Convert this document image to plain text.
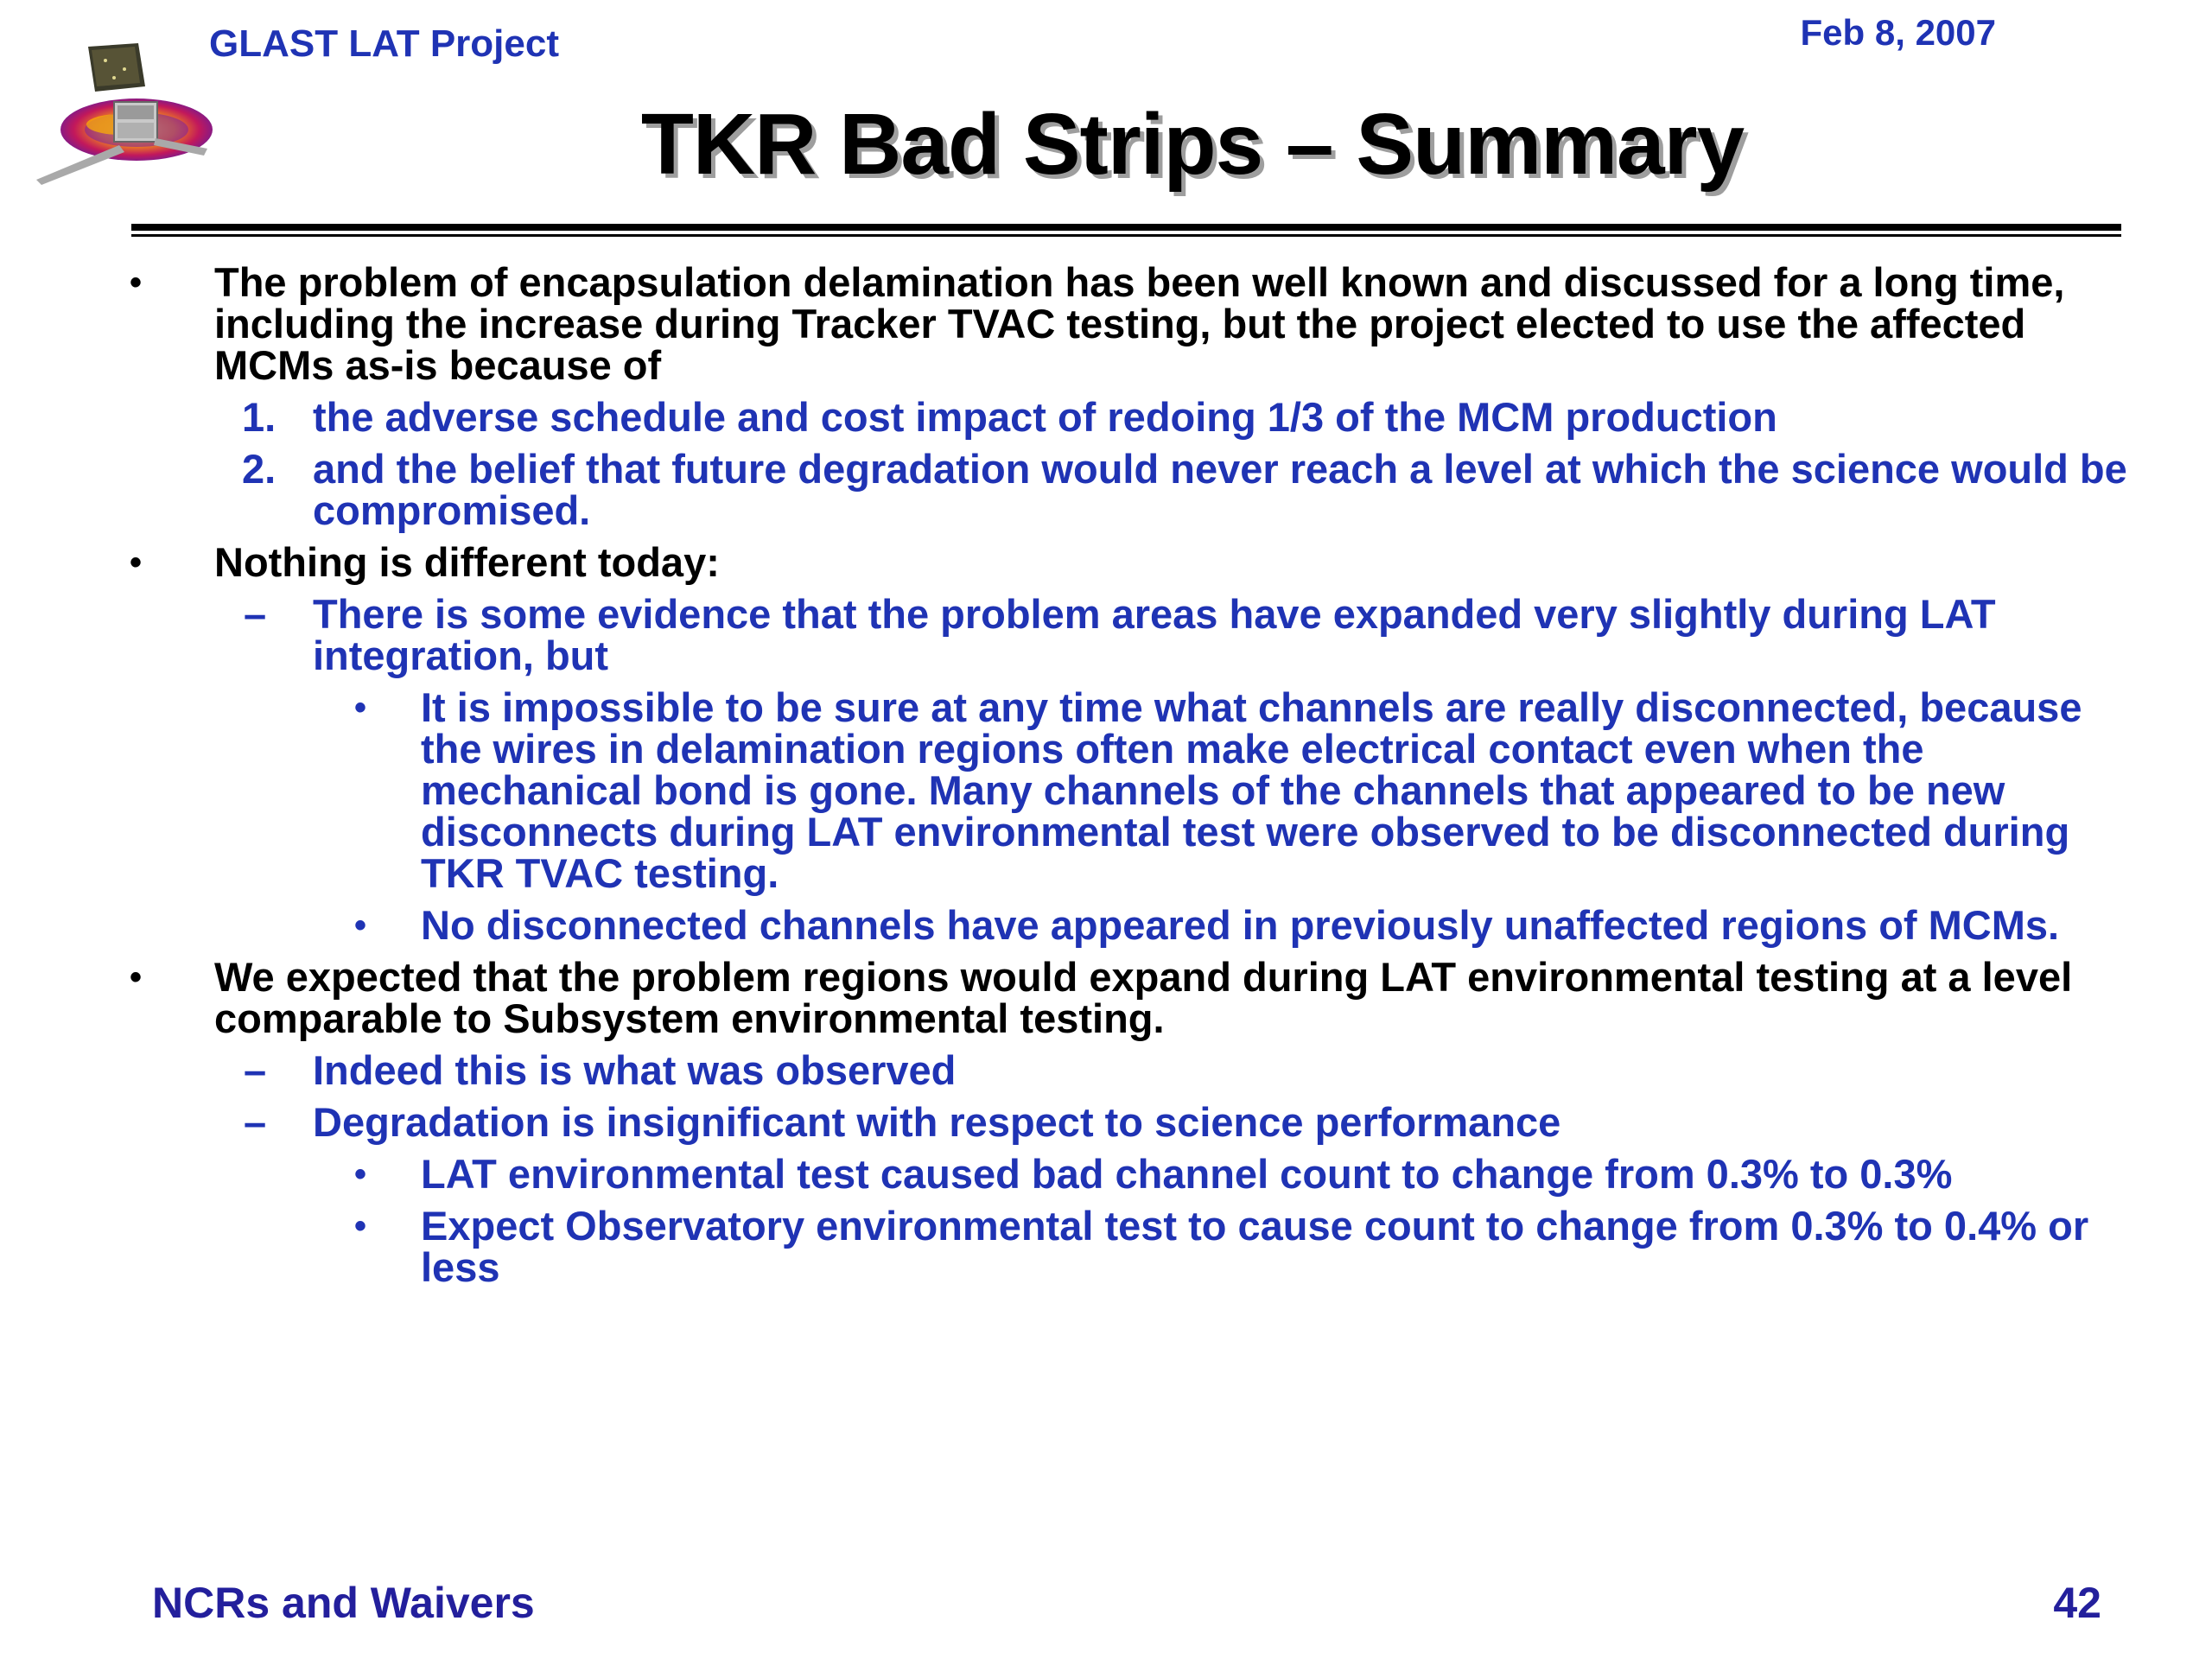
GLAST LAT Project	Feb 8, 2007
TKR Bad Strips – Summary
• The problem of encapsulation delamination has been well known and discussed for a long time, including the increase during Tracker TVAC testing, but the project elected to use the affected MCMs as-is because of
1. the adverse schedule and cost impact of redoing 1/3 of the MCM production
2. and the belief that future degradation would never reach a level at which the science would be compromised.
• Nothing is different today:
– There is some evidence that the problem areas have expanded very slightly during LAT integration, but
• It is impossible to be sure at any time what channels are really disconnected, because the wires in delamination regions often make electrical contact even when the mechanical bond is gone. Many channels of the channels that appeared to be new disconnects during LAT environmental test were observed to be disconnected during TKR TVAC testing.
• No disconnected channels have appeared in previously unaffected regions of MCMs.
• We expected that the problem regions would expand during LAT environmental testing at a level comparable to Subsystem environmental testing.
– Indeed this is what was observed
– Degradation is insignificant with respect to science performance
• LAT environmental test caused bad channel count to change from 0.3% to 0.3%
• Expect Observatory environmental test to cause count to change from 0.3% to 0.4% or less
NCRs and Waivers	42
